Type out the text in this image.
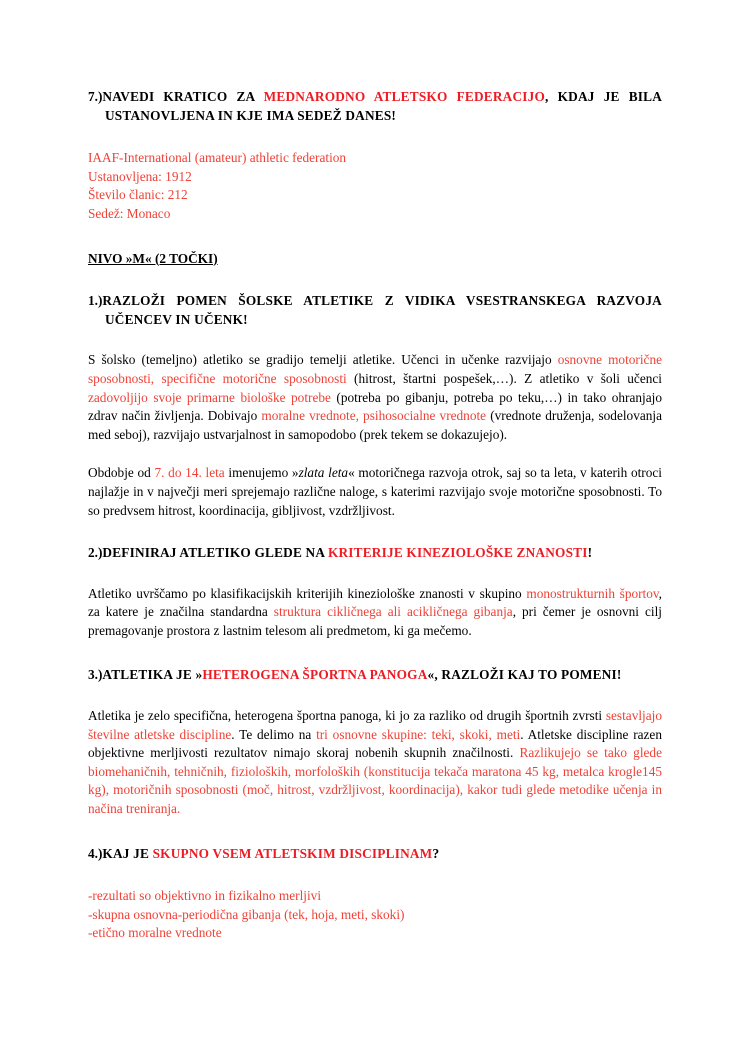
7.)NAVEDI KRATICO ZA MEDNARODNO ATLETSKO FEDERACIJO, KDAJ JE BILA USTANOVLJENA IN KJE IMA SEDEŽ DANES!

IAAF-International (amateur) athletic federation
Ustanovljena: 1912
Število članic: 212
Sedež: Monaco
NIVO »M« (2 TOČKI)

1.)RAZLOŽI POMEN ŠOLSKE ATLETIKE Z VIDIKA VSESTRANSKEGA RAZVOJA UČENCEV IN UČENK!

S šolsko (temeljno) atletiko se gradijo temelji atletike. Učenci in učenke razvijajo osnovne motorične sposobnosti, specifične motorične sposobnosti (hitrost, štartni pospešek,…). Z atletiko v šoli učenci zadovoljijo svoje primarne biološke potrebe (potreba po gibanju, potreba po teku,…) in tako ohranjajo zdrav način življenja. Dobivajo moralne vrednote, psihosocialne vrednote (vrednote druženja, sodelovanja med seboj), razvijajo ustvarjalnost in samopodobo (prek tekem se dokazujejo).

Obdobje od 7. do 14. leta imenujemo »zlata leta« motoričnega razvoja otrok, saj so ta leta, v katerih otroci najlažje in v največji meri sprejemajo različne naloge, s katerimi razvijajo svoje motorične sposobnosti. To so predvsem hitrost, koordinacija, gibljivost, vzdržljivost.

2.)DEFINIRAJ ATLETIKO GLEDE NA KRITERIJE KINEZIOLOŠKE ZNANOSTI!

Atletiko uvrščamo po klasifikacijskih kriterijih kineziološke znanosti v skupino monostrukturnih športov, za katere je značilna standardna struktura cikličnega ali acikličnega gibanja, pri čemer je osnovni cilj premagovanje prostora z lastnim telesom ali predmetom, ki ga mečemo.

3.)ATLETIKA JE »HETEROGENA ŠPORTNA PANOGA«, RAZLOŽI KAJ TO POMENI!

Atletika je zelo specifična, heterogena športna panoga, ki jo za razliko od drugih športnih zvrsti sestavljajo številne atletske discipline. Te delimo na tri osnovne skupine: teki, skoki, meti. Atletske discipline razen objektivne merljivosti rezultatov nimajo skoraj nobenih skupnih značilnosti. Razlikujejo se tako glede biomehaničnih, tehničnih, fizioloških, morfoloških (konstitucija tekača maratona 45 kg, metalca krogle145 kg), motoričnih sposobnosti (moč, hitrost, vzdržljivost, koordinacija), kakor tudi glede metodike učenja in načina treniranja.

4.)KAJ JE SKUPNO VSEM ATLETSKIM DISCIPLINAM?

-rezultati so objektivno in fizikalno merljivi
-skupna osnovna-periodična gibanja (tek, hoja, meti, skoki)
-etično moralne vrednote
